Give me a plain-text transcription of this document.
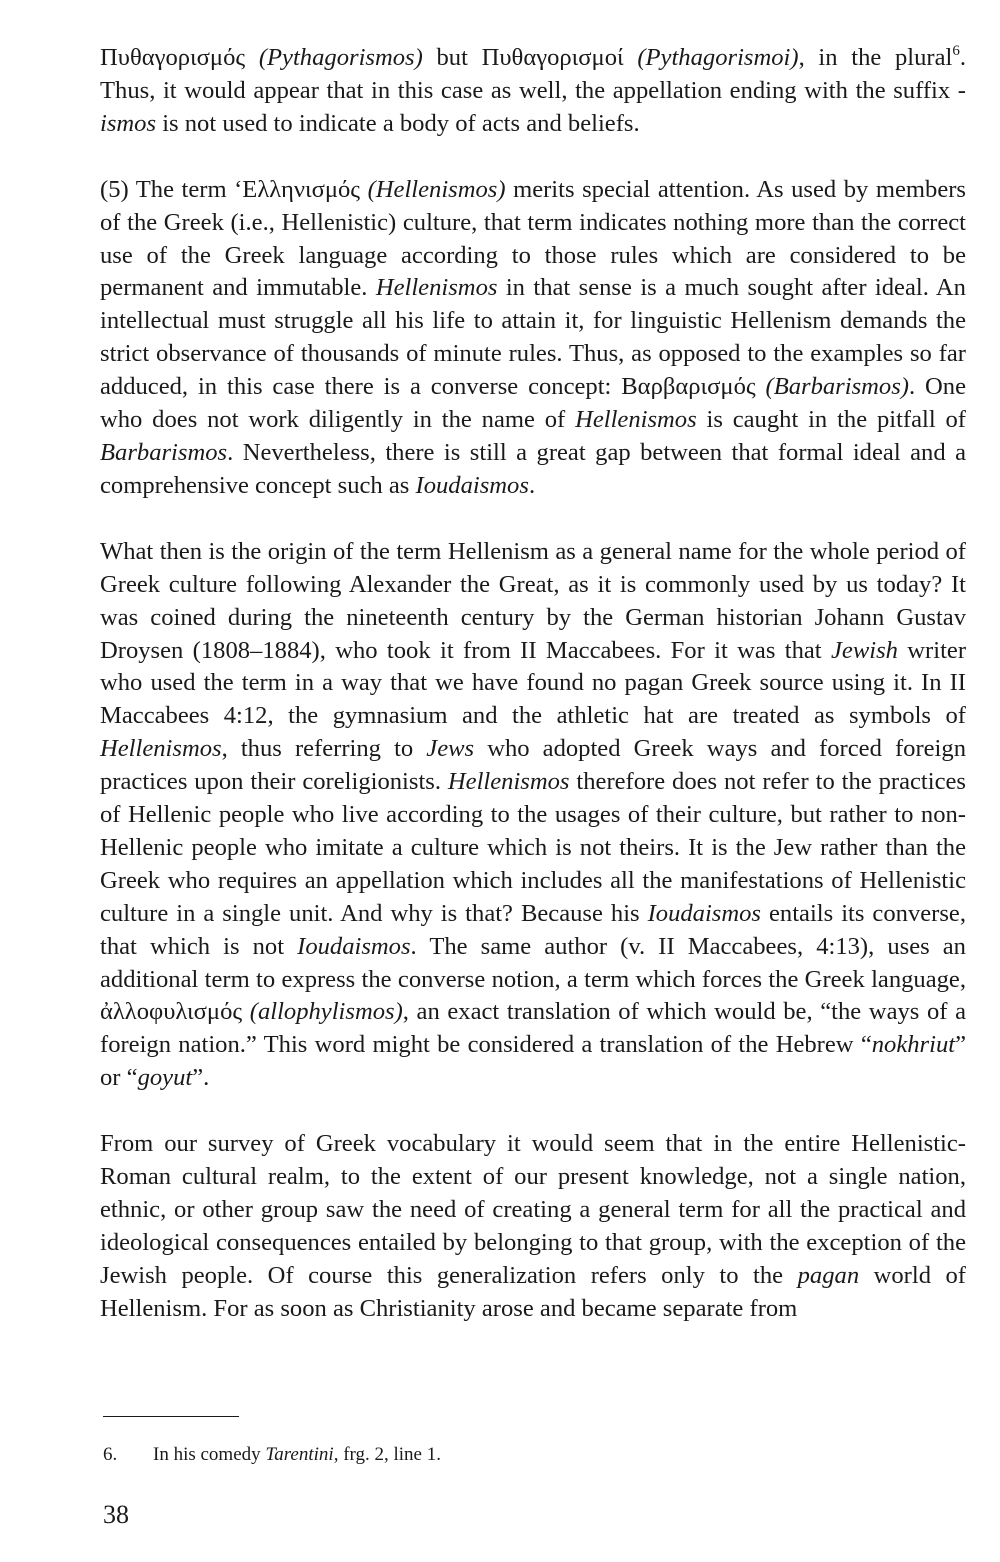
Πυθαγορισμός (Pythagorismos) but Πυθαγορισμοί (Pythagorismoi), in the plural$^6$. Thus, it would appear that in this case as well, the appellation ending with the suffix -ismos is not used to indicate a body of acts and beliefs.

(5) The term ‘Ελληνισμός (Hellenismos) merits special attention. As used by members of the Greek (i.e., Hellenistic) culture, that term indicates nothing more than the correct use of the Greek language according to those rules which are considered to be permanent and immutable. Hellenismos in that sense is a much sought after ideal. An intellectual must struggle all his life to attain it, for linguistic Hellenism demands the strict observance of thousands of minute rules. Thus, as opposed to the examples so far adduced, in this case there is a converse concept: Βαρβαρισμός (Barbarismos). One who does not work diligently in the name of Hellenismos is caught in the pitfall of Barbarismos. Nevertheless, there is still a great gap between that formal ideal and a comprehensive concept such as Ioudaismos.

What then is the origin of the term Hellenism as a general name for the whole period of Greek culture following Alexander the Great, as it is commonly used by us today? It was coined during the nineteenth century by the German historian Johann Gustav Droysen (1808–1884), who took it from II Maccabees. For it was that Jewish writer who used the term in a way that we have found no pagan Greek source using it. In II Maccabees 4:12, the gymnasium and the athletic hat are treated as symbols of Hellenismos, thus referring to Jews who adopted Greek ways and forced foreign practices upon their coreligionists. Hellenismos therefore does not refer to the practices of Hellenic people who live according to the usages of their culture, but rather to non-Hellenic people who imitate a culture which is not theirs. It is the Jew rather than the Greek who requires an appellation which includes all the manifestations of Hellenistic culture in a single unit. And why is that? Because his Ioudaismos entails its converse, that which is not Ioudaismos. The same author (v. II Maccabees, 4:13), uses an additional term to express the converse notion, a term which forces the Greek language, ἀλλοφυλισμός (allophylismos), an exact translation of which would be, “the ways of a foreign nation.” This word might be considered a translation of the Hebrew “nokhriut” or “goyut”.

From our survey of Greek vocabulary it would seem that in the entire Hellenistic-Roman cultural realm, to the extent of our present knowledge, not a single nation, ethnic, or other group saw the need of creating a general term for all the practical and ideological consequences entailed by belonging to that group, with the exception of the Jewish people. Of course this generalization refers only to the pagan world of Hellenism. For as soon as Christianity arose and became separate from

6. In his comedy Tarentini, frg. 2, line 1.

38
